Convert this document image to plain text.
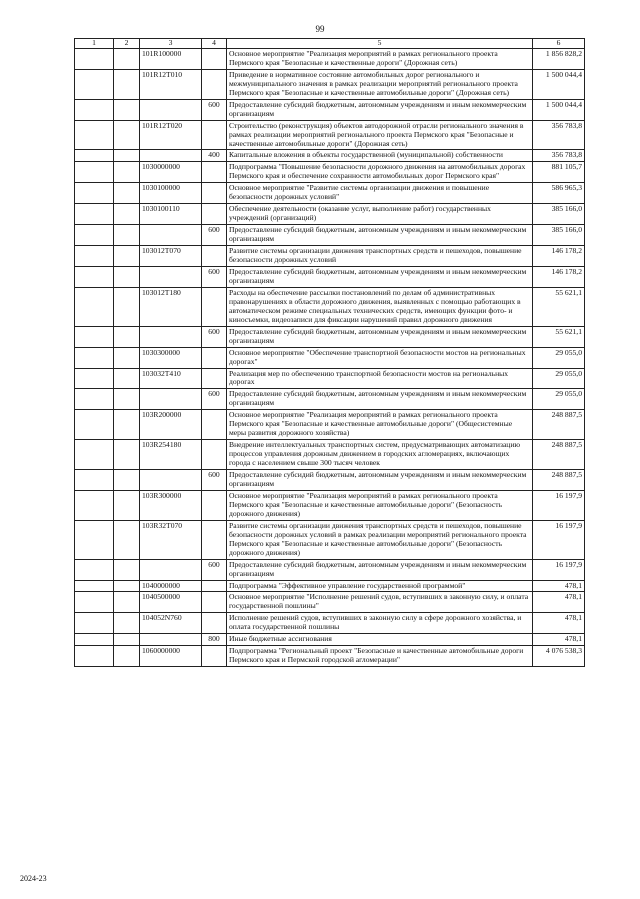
99
1	2	3	4	5	6
		101R100000		Основное мероприятие "Реализация мероприятий в рамках регионального проекта Пермского края "Безопасные и качественные дороги" (Дорожная сеть)	1 856 828,2
		101R12T010		Приведение в нормативное состояние автомобильных дорог регионального и межмуниципального значения в рамках реализации мероприятий регионального проекта Пермского края "Безопасные и качественные автомобильные дороги" (Дорожная сеть)	1 500 044,4
			600	Предоставление субсидий бюджетным, автономным учреждениям и иным некоммерческим организациям	1 500 044,4
		101R12T020		Строительство (реконструкция) объектов автодорожной отрасли регионального значения в рамках реализации мероприятий регионального проекта Пермского края "Безопасные и качественные автомобильные дороги" (Дорожная сеть)	356 783,8
			400	Капитальные вложения в объекты государственной (муниципальной) собственности	356 783,8
		1030000000		Подпрограмма "Повышение безопасности дорожного движения на автомобильных дорогах Пермского края и обеспечение сохранности автомобильных дорог Пермского края"	881 105,7
		1030100000		Основное мероприятие "Развитие системы организации движения и повышение безопасности дорожных условий"	586 965,3
		1030100110		Обеспечение деятельности (оказание услуг, выполнение работ) государственных учреждений (организаций)	385 166,0
			600	Предоставление субсидий бюджетным, автономным учреждениям и иным некоммерческим организациям	385 166,0
		103012T070		Развитие системы организации движения транспортных средств и пешеходов, повышение безопасности дорожных условий	146 178,2
			600	Предоставление субсидий бюджетным, автономным учреждениям и иным некоммерческим организациям	146 178,2
		103012T180		Расходы на обеспечение рассылки постановлений по делам об административных правонарушениях в области дорожного движения, выявленных с помощью работающих в автоматическом режиме специальных технических средств, имеющих функции фото- и киносъемки, видеозаписи для фиксации нарушений правил дорожного движения	55 621,1
			600	Предоставление субсидий бюджетным, автономным учреждениям и иным некоммерческим организациям	55 621,1
		1030300000		Основное мероприятие "Обеспечение транспортной безопасности мостов на региональных дорогах"	29 055,0
		103032T410		Реализация мер по обеспечению транспортной безопасности мостов на региональных дорогах	29 055,0
			600	Предоставление субсидий бюджетным, автономным учреждениям и иным некоммерческим организациям	29 055,0
		103R200000		Основное мероприятие "Реализация мероприятий в рамках регионального проекта Пермского края "Безопасные и качественные автомобильные дороги" (Общесистемные меры развития дорожного хозяйства)	248 887,5
		103R254180		Внедрение интеллектуальных транспортных систем, предусматривающих автоматизацию процессов управления дорожным движением в городских агломерациях, включающих города с населением свыше 300 тысяч человек	248 887,5
			600	Предоставление субсидий бюджетным, автономным учреждениям и иным некоммерческим организациям	248 887,5
		103R300000		Основное мероприятие "Реализация мероприятий в рамках регионального проекта Пермского края "Безопасные и качественные автомобильные дороги" (Безопасность дорожного движения)	16 197,9
		103R32T070		Развитие системы организации движения транспортных средств и пешеходов, повышение безопасности дорожных условий в рамках реализации мероприятий регионального проекта Пермского края "Безопасные и качественные автомобильные дороги" (Безопасность дорожного движения)	16 197,9
			600	Предоставление субсидий бюджетным, автономным учреждениям и иным некоммерческим организациям	16 197,9
		1040000000		Подпрограмма "Эффективное управление государственной программой"	478,1
		1040500000		Основное мероприятие "Исполнение решений судов, вступивших в законную силу, и оплата государственной пошлины"	478,1
		104052N760		Исполнение решений судов, вступивших в законную силу в сфере дорожного хозяйства, и оплата государственной пошлины	478,1
			800	Иные бюджетные ассигнования	478,1
		1060000000		Подпрограмма "Региональный проект "Безопасные и качественные автомобильные дороги Пермского края и Пермской городской агломерации"	4 076 538,3
2024-23
